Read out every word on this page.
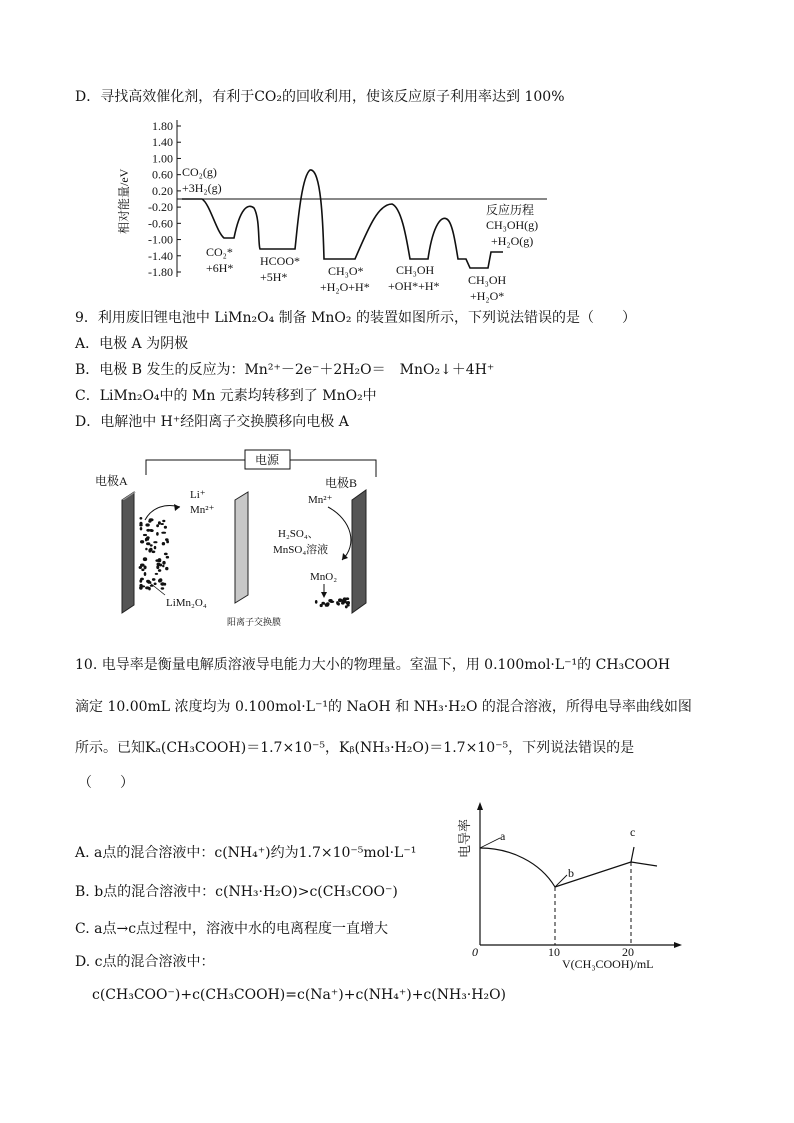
D．寻找高效催化剂，有利于CO₂的回收利用，使该反应原子利用率达到 100%
相对能量/eV
1.80
1.40
1.00
0.60
0.20
-0.20
-0.60
-1.00
-1.40
-1.80
CO₂(g)
+3H₂(g)
CO₂*
+6H* HCOO*
+5H*	CH₃O*
+H₂O+H*
CH₃OH
+OH*+H* CH₃OH
+H₂O*
反应历程
CH₃OH(g)
+H₂O(g)
9．利用废旧锂电池中 LiMn₂O₄ 制备 MnO₂ 的装置如图所示，下列说法错误的是（　　）
A．电极 A 为阴极
B．电极 B 发生的反应为：Mn²⁺－2e⁻＋2H₂O＝　MnO₂↓＋4H⁺
C．LiMn₂O₄中的 Mn 元素均转移到了 MnO₂中
D．电解池中 H⁺经阳离子交换膜移向电极 A
电源
电极A
阳离子交换膜
电极B
Li⁺
Mn²⁺
LiMn₂O₄
Mn²⁺
H₂SO₄、
MnSO₄溶液
MnO₂
10. 电导率是衡量电解质溶液导电能力大小的物理量。室温下，用 0.100mol·L⁻¹的 CH₃COOH
滴定 10.00mL 浓度均为 0.100mol·L⁻¹的 NaOH 和 NH₃·H₂O 的混合溶液，所得电导率曲线如图
所示。已知Kₐ(CH₃COOH)＝1.7×10⁻⁵，Kᵦ(NH₃·H₂O)＝1.7×10⁻⁵，下列说法错误的是
（　　）
A. a点的混合溶液中：c(NH₄⁺)约为1.7×10⁻⁵mol·L⁻¹
B. b点的混合溶液中：c(NH₃·H₂O)>c(CH₃COO⁻)
C. a点→c点过程中，溶液中水的电离程度一直增大
D. c点的混合溶液中：
c(CH₃COO⁻)+c(CH₃COOH)=c(Na⁺)+c(NH₄⁺)+c(NH₃·H₂O)
电导率
0	10	20
V(CH₃COOH)/mL
a
b
c
